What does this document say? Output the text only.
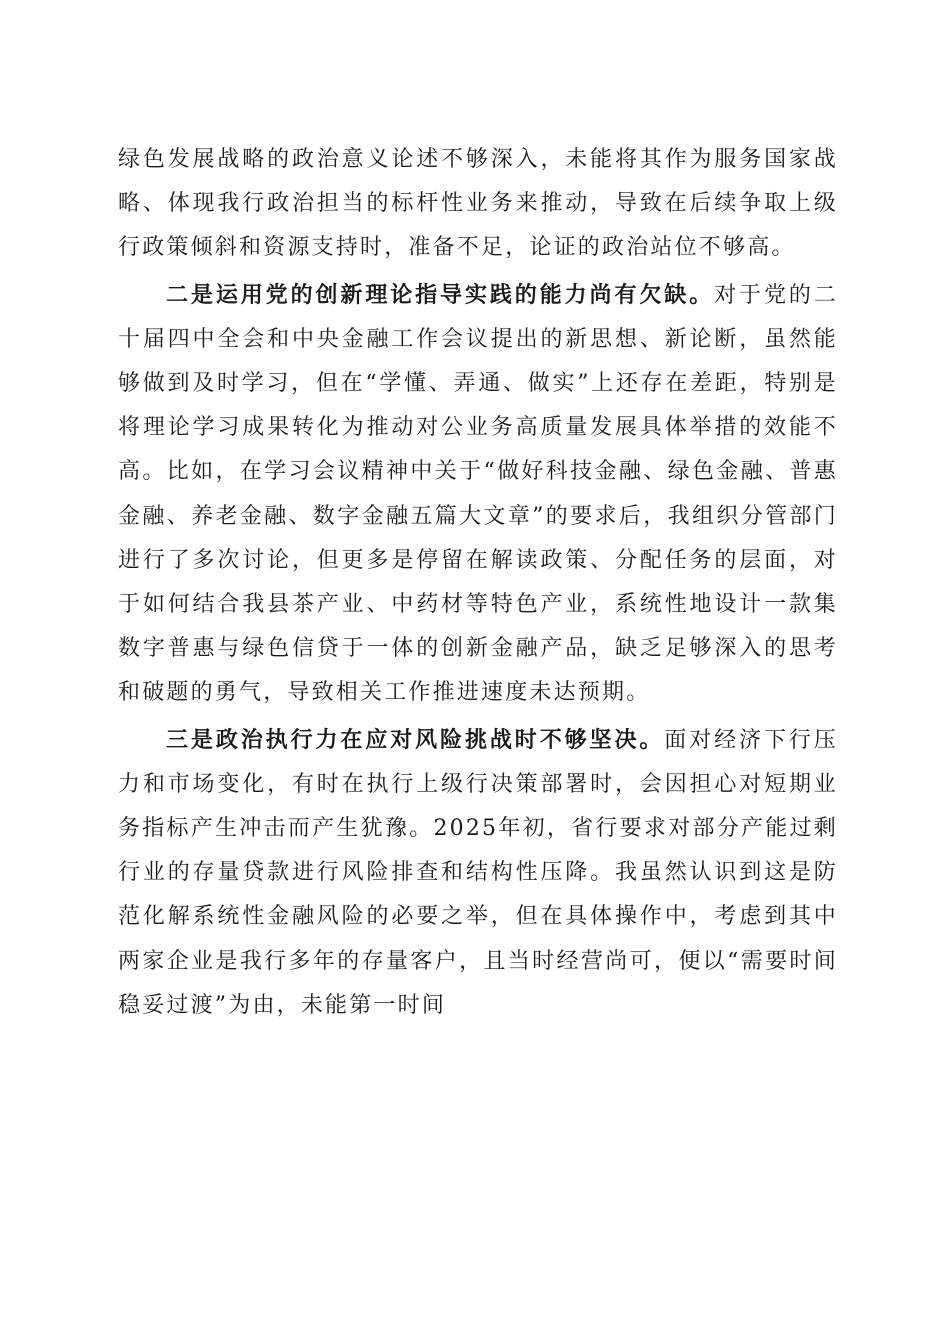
绿色发展战略的政治意义论述不够深入，未能将其作为服务国家战略、体现我行政治担当的标杆性业务来推动，导致在后续争取上级行政策倾斜和资源支持时，准备不足，论证的政治站位不够高。

二是运用党的创新理论指导实践的能力尚有欠缺。对于党的二十届四中全会和中央金融工作会议提出的新思想、新论断，虽然能够做到及时学习，但在“学懂、弄通、做实”上还存在差距，特别是将理论学习成果转化为推动对公业务高质量发展具体举措的效能不高。比如，在学习会议精神中关于“做好科技金融、绿色金融、普惠金融、养老金融、数字金融五篇大文章”的要求后，我组织分管部门进行了多次讨论，但更多是停留在解读政策、分配任务的层面，对于如何结合我县茶产业、中药材等特色产业，系统性地设计一款集数字普惠与绿色信贷于一体的创新金融产品，缺乏足够深入的思考和破题的勇气，导致相关工作推进速度未达预期。

三是政治执行力在应对风险挑战时不够坚决。面对经济下行压力和市场变化，有时在执行上级行决策部署时，会因担心对短期业务指标产生冲击而产生犹豫。2025年初，省行要求对部分产能过剩行业的存量贷款进行风险排查和结构性压降。我虽然认识到这是防范化解系统性金融风险的必要之举，但在具体操作中，考虑到其中两家企业是我行多年的存量客户，且当时经营尚可，便以“需要时间稳妥过渡”为由，未能第一时间
